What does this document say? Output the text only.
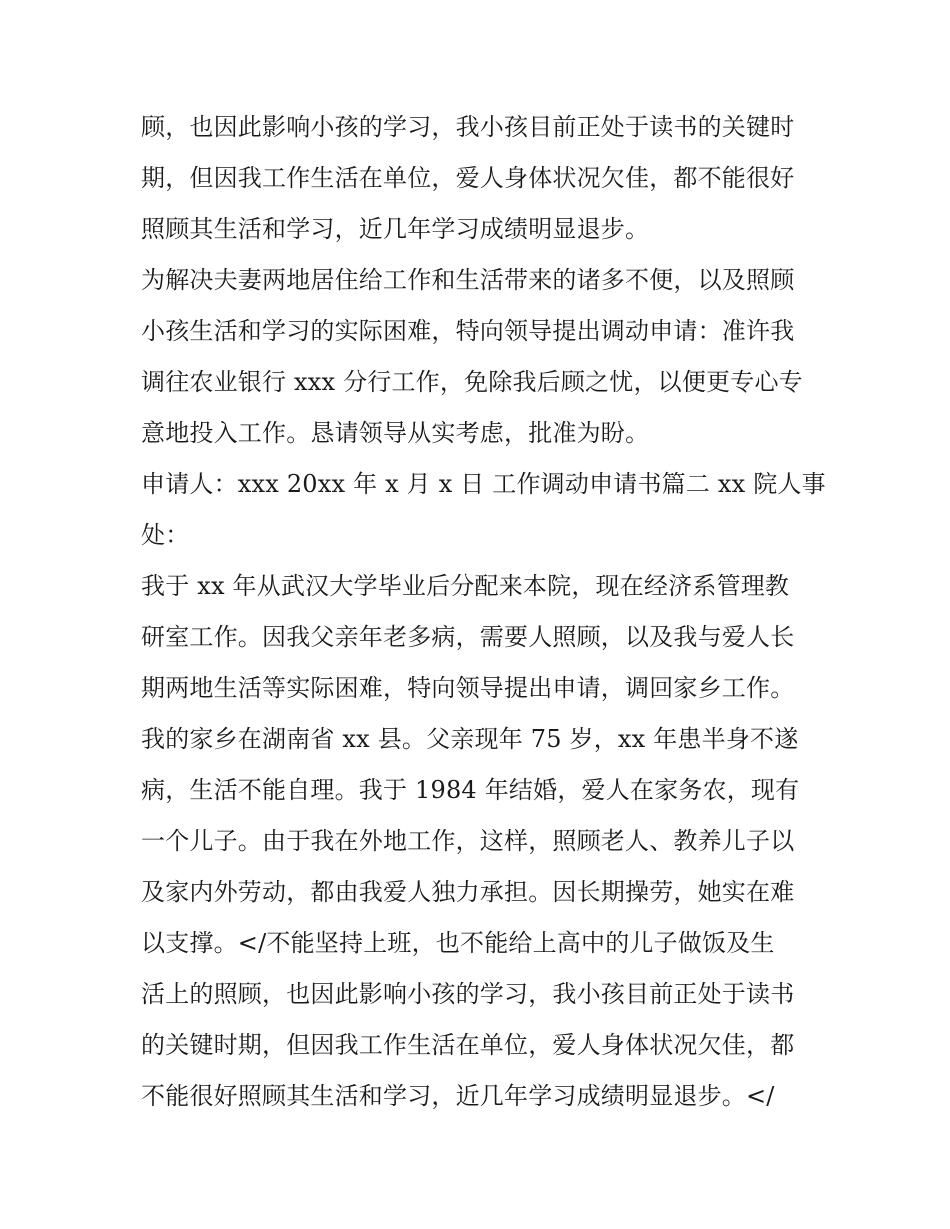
顾，也因此影响小孩的学习，我小孩目前正处于读书的关键时
期，但因我工作生活在单位，爱人身体状况欠佳，都不能很好
照顾其生活和学习，近几年学习成绩明显退步。
为解决夫妻两地居住给工作和生活带来的诸多不便，以及照顾
小孩生活和学习的实际困难，特向领导提出调动申请：准许我
调往农业银行 xxx 分行工作，免除我后顾之忧，以便更专心专
意地投入工作。恳请领导从实考虑，批准为盼。
申请人：xxx 20xx 年 x 月 x 日 工作调动申请书篇二 xx 院人事
处：
我于 xx 年从武汉大学毕业后分配来本院，现在经济系管理教
研室工作。因我父亲年老多病，需要人照顾，以及我与爱人长
期两地生活等实际困难，特向领导提出申请，调回家乡工作。
我的家乡在湖南省 xx 县。父亲现年 75 岁，xx 年患半身不遂
病，生活不能自理。我于 1984 年结婚，爱人在家务农，现有
一个儿子。由于我在外地工作，这样，照顾老人、教养儿子以
及家内外劳动，都由我爱人独力承担。因长期操劳，她实在难
以支撑。</不能坚持上班，也不能给上高中的儿子做饭及生
活上的照顾，也因此影响小孩的学习，我小孩目前正处于读书
的关键时期，但因我工作生活在单位，爱人身体状况欠佳，都
不能很好照顾其生活和学习，近几年学习成绩明显退步。</
